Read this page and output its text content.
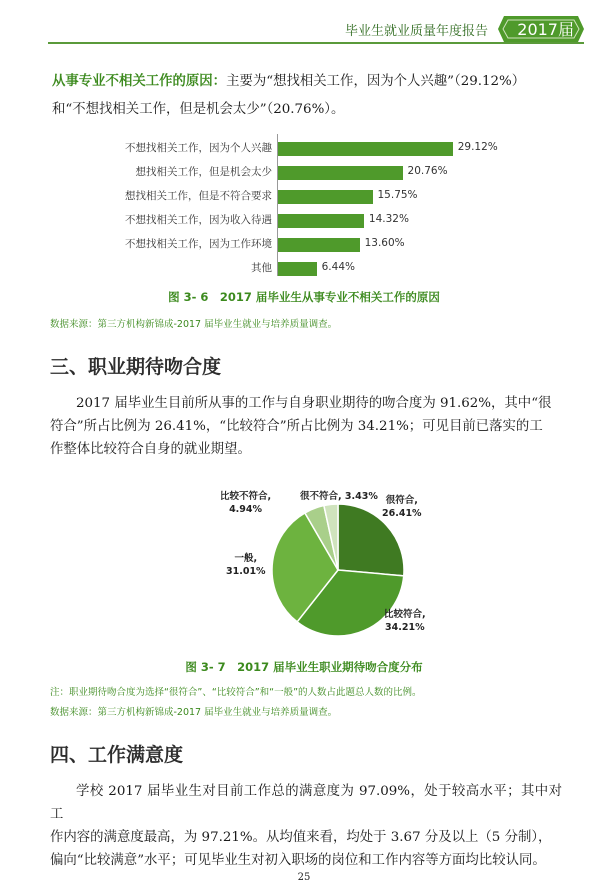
毕业生就业质量年度报告 2017届
从事专业不相关工作的原因：主要为“想找相关工作，因为个人兴趣”（29.12%）
和“不想找相关工作，但是机会太少”（20.76%）。
不想找相关工作，因为个人兴趣	29.12%
想找相关工作，但是机会太少	20.76%
想找相关工作，但是不符合要求	15.75%
不想找相关工作，因为收入待遇	14.32%
不想找相关工作，因为工作环境	13.60%
其他	6.44%
图 3- 6　2017 届毕业生从事专业不相关工作的原因
数据来源：第三方机构新锦成-2017 届毕业生就业与培养质量调查。
三、职业期待吻合度
2017 届毕业生目前所从事的工作与自身职业期待的吻合度为 91.62%，其中“很
符合”所占比例为 26.41%，“比较符合”所占比例为 34.21%；可见目前已落实的工
作整体比较符合自身的就业期望。
很符合,
26.41%
比较符合,
34.21%
一般,
31.01%
比较不符合,
4.94%
很不符合, 3.43%
图 3- 7　2017 届毕业生职业期待吻合度分布
注：职业期待吻合度为选择“很符合”、“比较符合”和“一般”的人数占此题总人数的比例。
数据来源：第三方机构新锦成-2017 届毕业生就业与培养质量调查。
四、工作满意度
学校 2017 届毕业生对目前工作总的满意度为 97.09%，处于较高水平；其中对工
作内容的满意度最高，为 97.21%。从均值来看，均处于 3.67 分及以上（5 分制），
偏向“比较满意”水平；可见毕业生对初入职场的岗位和工作内容等方面均比较认同。
25
